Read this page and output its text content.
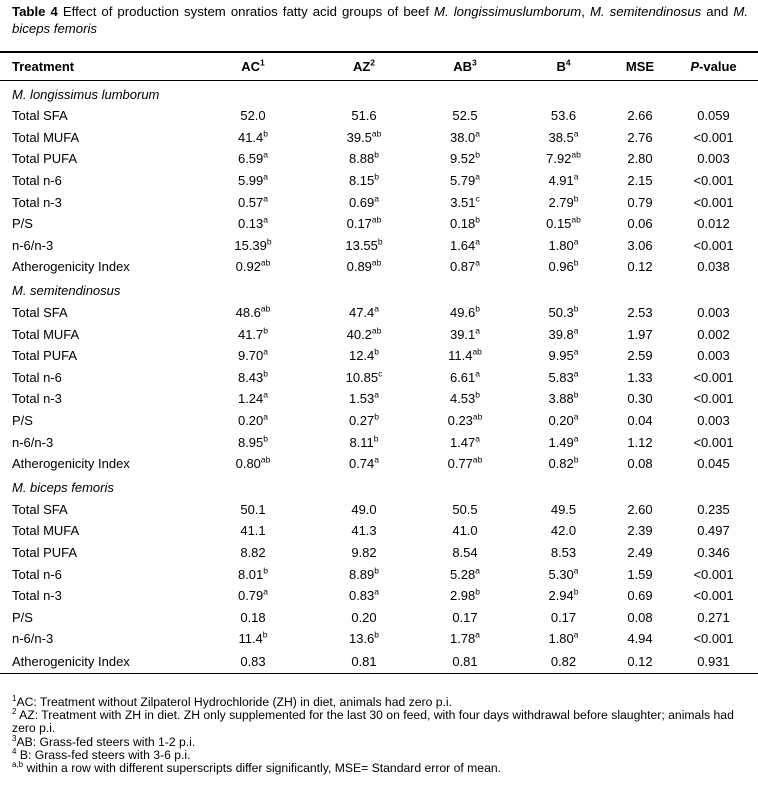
Table 4 Effect of production system onratios fatty acid groups of beef M. longissimuslumborum, M. semitendinosus and M. biceps femoris
Treatment	$AC^1$	$AZ^2$	$AB^3$	$B^4$	MSE	P-value
M. longissimus lumborum						
Total SFA	52.0	51.6	52.5	53.6	2.66	0.059
Total MUFA	41.4$^b$	39.5$^{ab}$	38.0$^a$	38.5$^a$	2.76	<0.001
Total PUFA	6.59$^a$	8.88$^b$	9.52$^b$	7.92$^{ab}$	2.80	0.003
Total n-6	5.99$^a$	8.15$^b$	5.79$^a$	4.91$^a$	2.15	<0.001
Total n-3	0.57$^a$	0.69$^a$	3.51$^c$	2.79$^b$	0.79	<0.001
P/S	0.13$^a$	0.17$^{ab}$	0.18$^b$	0.15$^{ab}$	0.06	0.012
n-6/n-3	15.39$^b$	13.55$^b$	1.64$^a$	1.80$^a$	3.06	<0.001
Atherogenicity Index	0.92$^{ab}$	0.89$^{ab}$	0.87$^a$	0.96$^b$	0.12	0.038
M. semitendinosus						
Total SFA	48.6$^{ab}$	47.4$^a$	49.6$^b$	50.3$^b$	2.53	0.003
Total MUFA	41.7$^b$	40.2$^{ab}$	39.1$^a$	39.8$^a$	1.97	0.002
Total PUFA	9.70$^a$	12.4$^b$	11.4$^{ab}$	9.95$^a$	2.59	0.003
Total n-6	8.43$^b$	10.85$^c$	6.61$^a$	5.83$^a$	1.33	<0.001
Total n-3	1.24$^a$	1.53$^a$	4.53$^b$	3.88$^b$	0.30	<0.001
P/S	0.20$^a$	0.27$^b$	0.23$^{ab}$	0.20$^a$	0.04	0.003
n-6/n-3	8.95$^b$	8.11$^b$	1.47$^a$	1.49$^a$	1.12	<0.001
Atherogenicity Index	0.80$^{ab}$	0.74$^a$	0.77$^{ab}$	0.82$^b$	0.08	0.045
M. biceps femoris						
Total SFA	50.1	49.0	50.5	49.5	2.60	0.235
Total MUFA	41.1	41.3	41.0	42.0	2.39	0.497
Total PUFA	8.82	9.82	8.54	8.53	2.49	0.346
Total n-6	8.01$^b$	8.89$^b$	5.28$^a$	5.30$^a$	1.59	<0.001
Total n-3	0.79$^a$	0.83$^a$	2.98$^b$	2.94$^b$	0.69	<0.001
P/S	0.18	0.20	0.17	0.17	0.08	0.271
n-6/n-3	11.4$^b$	13.6$^b$	1.78$^a$	1.80$^a$	4.94	<0.001
Atherogenicity Index	0.83	0.81	0.81	0.82	0.12	0.931

$^1$AC: Treatment without Zilpaterol Hydrochloride (ZH) in diet, animals had zero p.i.

$^2$ AZ: Treatment with ZH in diet. ZH only supplemented for the last 30 on feed, with four days withdrawal before slaughter; animals had zero p.i.

$^3$AB: Grass-fed steers with 1-2 p.i.

$^4$ B: Grass-fed steers with 3-6 p.i.

$^{a,b}$ within a row with different superscripts differ significantly, MSE= Standard error of mean.
